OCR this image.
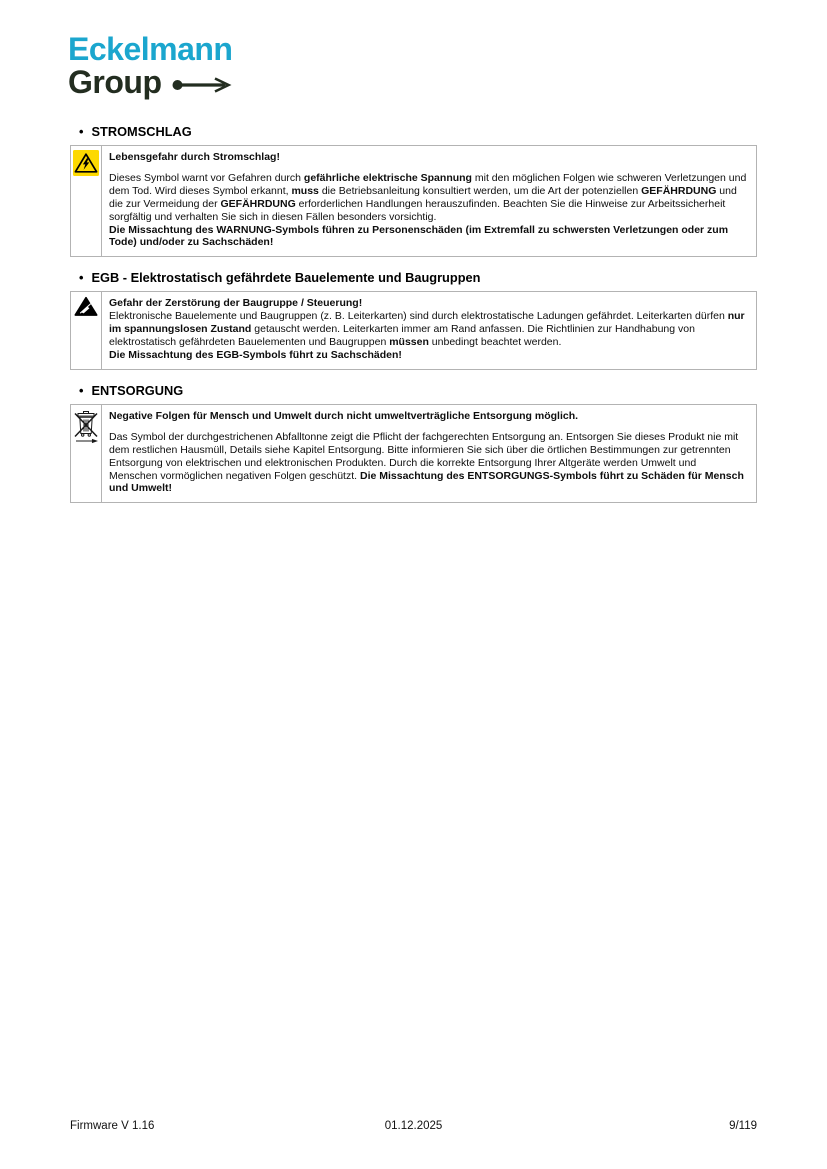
Eckelmann
Group
• STROMSCHLAG
Lebensgefahr durch Stromschlag!
Dieses Symbol warnt vor Gefahren durch gefährliche elektrische Spannung mit den möglichen Folgen wie schweren Verletzungen und dem Tod. Wird dieses Symbol erkannt, muss die Betriebsanleitung konsultiert werden, um die Art der potenziellen GEFÄHRDUNG und die zur Vermeidung der GEFÄHRDUNG erforderlichen Handlungen herauszufinden. Beachten Sie die Hinweise zur Arbeitssicherheit sorgfältig und verhalten Sie sich in diesen Fällen besonders vorsichtig.
Die Missachtung des WARNUNG-Symbols führen zu Personenschäden (im Extremfall zu schwersten Verletzungen oder zum Tode) und/oder zu Sachschäden!
• EGB - Elektrostatisch gefährdete Bauelemente und Baugruppen
Gefahr der Zerstörung der Baugruppe / Steuerung!
Elektronische Bauelemente und Baugruppen (z. B. Leiterkarten) sind durch elektrostatische Ladungen gefährdet. Leiterkarten dürfen nur im spannungslosen Zustand getauscht werden. Leiterkarten immer am Rand anfassen. Die Richtlinien zur Handhabung von elektrostatisch gefährdeten Bauelementen und Baugruppen müssen unbedingt beachtet werden.
Die Missachtung des EGB-Symbols führt zu Sachschäden!
• ENTSORGUNG
Negative Folgen für Mensch und Umwelt durch nicht umweltverträgliche Entsorgung möglich.
Das Symbol der durchgestrichenen Abfalltonne zeigt die Pflicht der fachgerechten Entsorgung an. Entsorgen Sie dieses Produkt nie mit dem restlichen Hausmüll, Details siehe Kapitel Entsorgung. Bitte informieren Sie sich über die örtlichen Bestimmungen zur getrennten Entsorgung von elektrischen und elektronischen Produkten. Durch die korrekte Entsorgung Ihrer Altgeräte werden Umwelt und Menschen vormöglichen negativen Folgen geschützt. Die Missachtung des ENTSORGUNGS-Symbols führt zu Schäden für Mensch und Umwelt!
Firmware V 1.16	01.12.2025	9/119
